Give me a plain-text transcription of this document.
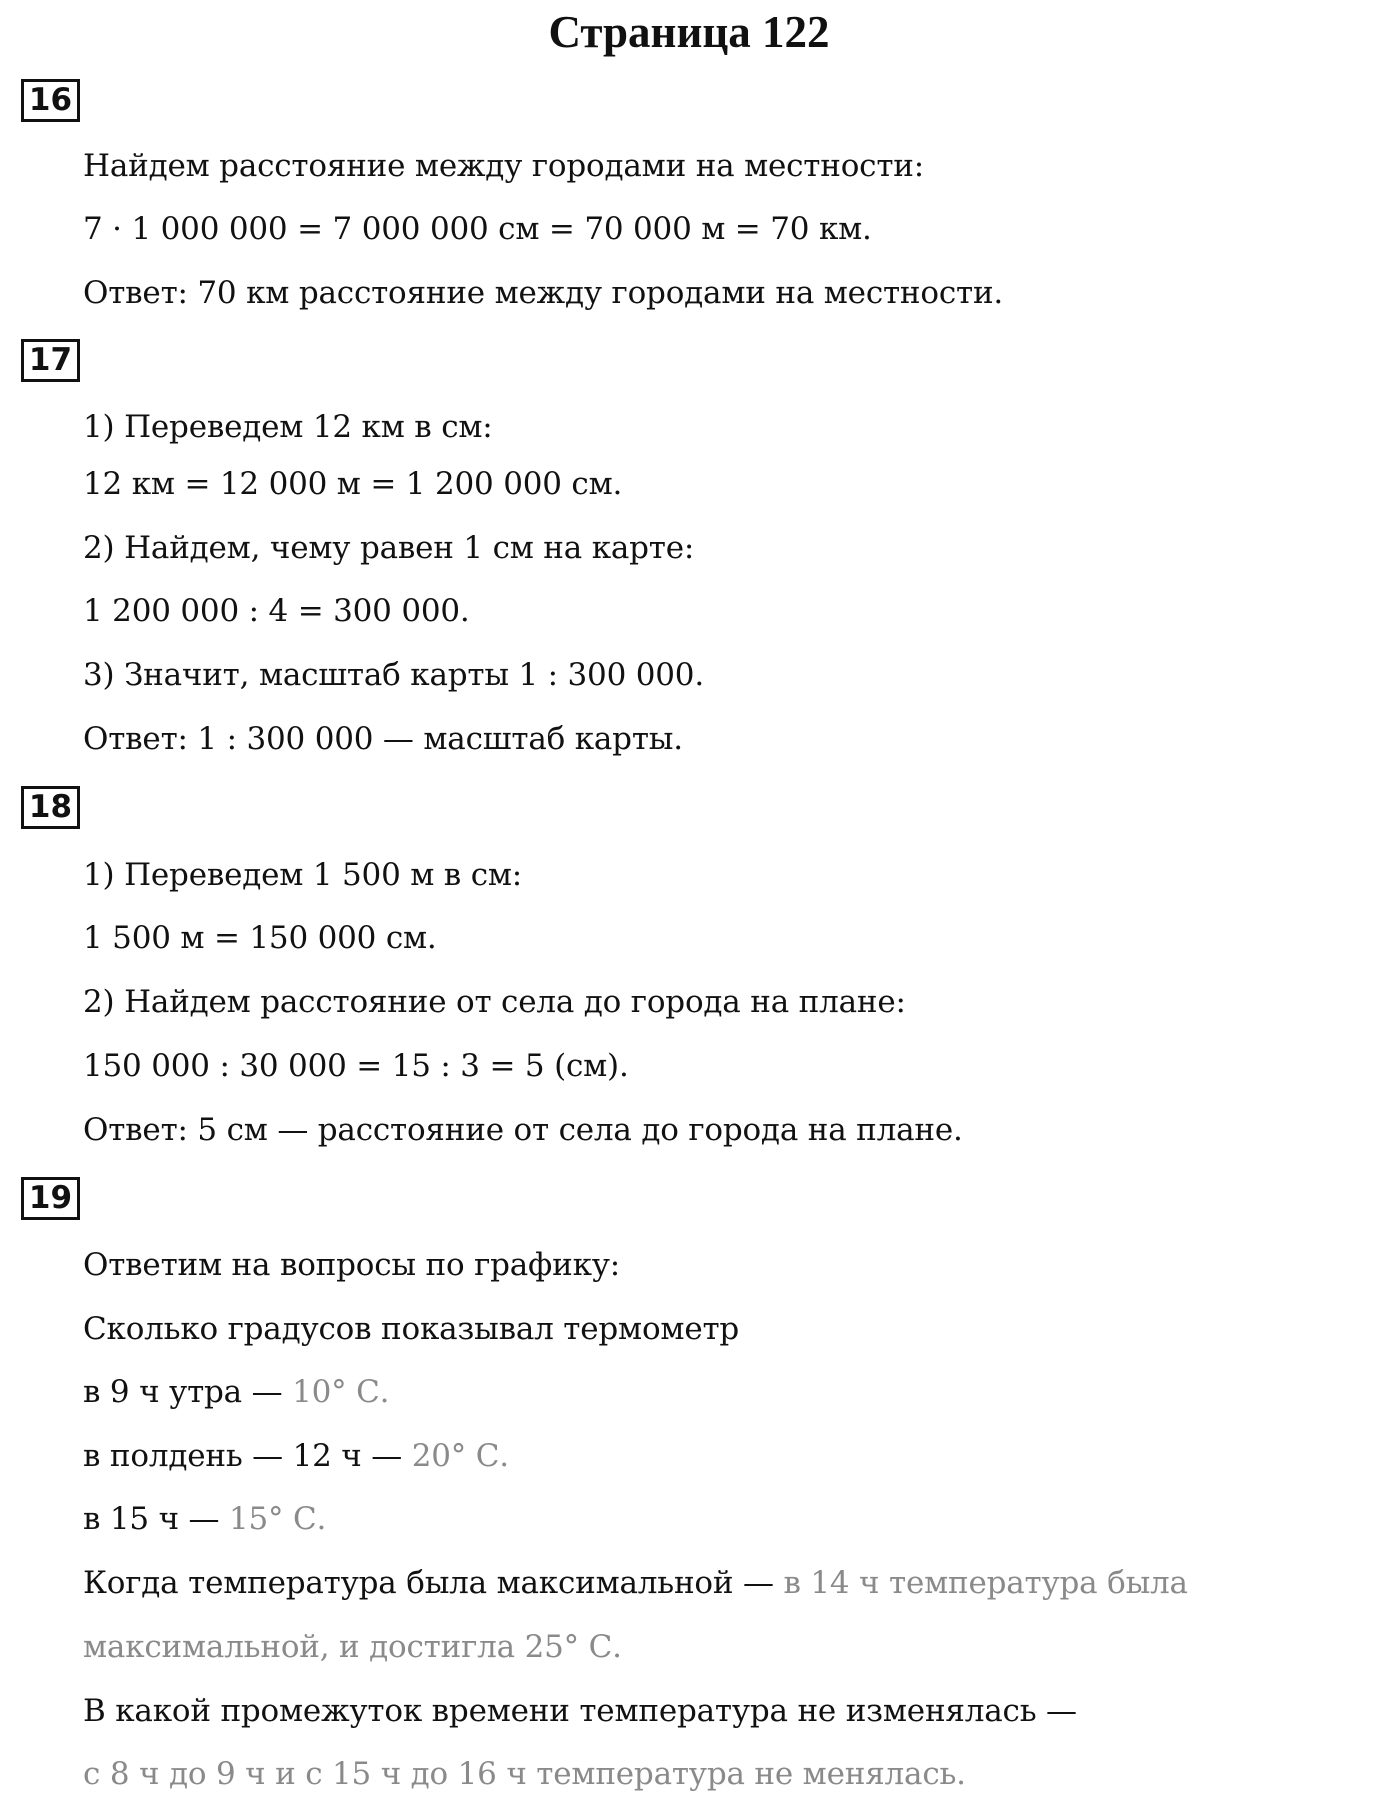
Страница 122
16
Найдем расстояние между городами на местности:
7 · 1 000 000 = 7 000 000 см = 70 000 м = 70 км.
Ответ: 70 км расстояние между городами на местности.
17
1) Переведем 12 км в см:
12 км = 12 000 м = 1 200 000 см.
2) Найдем, чему равен 1 см на карте:
1 200 000 : 4 = 300 000.
3) Значит, масштаб карты 1 : 300 000.
Ответ: 1 : 300 000 — масштаб карты.
18
1) Переведем 1 500 м в см:
1 500 м = 150 000 см.
2) Найдем расстояние от села до города на плане:
150 000 : 30 000 = 15 : 3 = 5 (см).
Ответ: 5 см — расстояние от села до города на плане.
19
Ответим на вопросы по графику:
Сколько градусов показывал термометр
в 9 ч утра — 10° С.
в полдень — 12 ч — 20° С.
в 15 ч — 15° С.
Когда температура была максимальной — в 14 ч температура была
максимальной, и достигла 25° С.
В какой промежуток времени температура не изменялась —
с 8 ч до 9 ч и с 15 ч до 16 ч температура не менялась.
